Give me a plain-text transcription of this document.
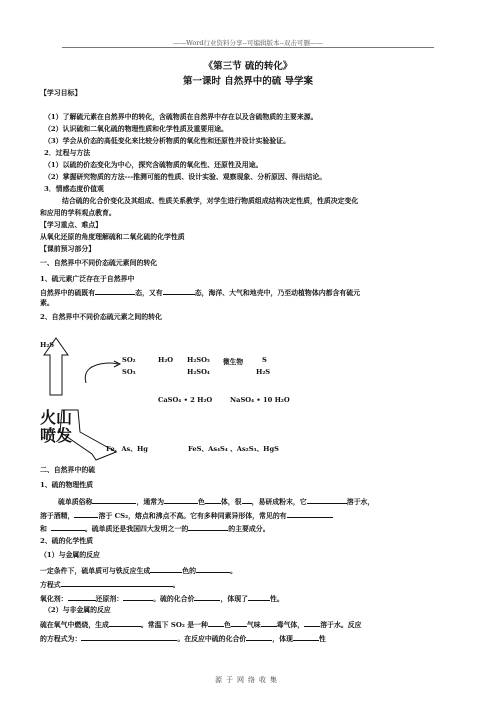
——Word行业资料分享--可编辑版本--双击可删——
《第三节 硫的转化》
第一课时 自然界中的硫 导学案
【学习目标】
（1）了解硫元素在自然界中的转化，含硫物质在自然界中存在以及含硫物质的主要来源。
（2）认识硫和二氧化硫的物理性质和化学性质及重要用途。
（3）学会从价态的高低变化来比较分析物质的氧化性和还原性并设计实验验证。
2．过程与方法
（1）以硫的价态变化为中心，探究含硫物质的氧化性、还原性及用途。
（2）掌握研究物质的方法---推测可能的性质、设计实验、观察现象、分析原因、得出结论。
3．情感态度价值观
结合硫的化合价变化及其组成、性质关系教学，对学生进行物质组成结构决定性质，性质决定变化
和应用的学科观点教育。
【学习重点、难点】
从氧化还原的角度理解硫和二氧化硫的化学性质
【课前预习部分】
一、自然界中不同价态硫元素间的转化
1、硫元素广泛存在于自然界中
自然界中的硫既有	态，又有	态，海洋、大气和地壳中，乃至动植物体内都含有硫元
素。
2、自然界中不同价态硫元素之间的转化
H₂S
SO₂	H₂O H₂SO₃ 微生物	S
SO₃	H₂SO₄	H₂S
CaSO₄ • 2 H₂O	NaSO₄ • 10 H₂O
火山
喷发
Fe、As、Hg	FeS、As₄S₄ 、As₂S₃、HgS
二、自然界中的硫
1、硫的物理性质
硫单质俗称	，通常为	色 体，很 ，易研成粉末，它	溶于水，
溶于酒精，	溶于 CS₂，熔点和沸点不高。它有多种同素异形体，常见的有
和	。硫单质还是我国四大发明之一的	的主要成分。
2、硫的化学性质
（1）与金属的反应
一定条件下，硫单质可与铁反应生成	色的	。
方程式	。
氧化剂：	还原剂：	。硫的化合价	，体现了	性。
（2）与非金属的反应
硫在氧气中燃烧，生成	。常温下 SO₂ 是一种 色 气味 毒气体， 溶于水。反应
的方程式为：	。在反应中硫的化合价	，体现	性
源于网络收集
